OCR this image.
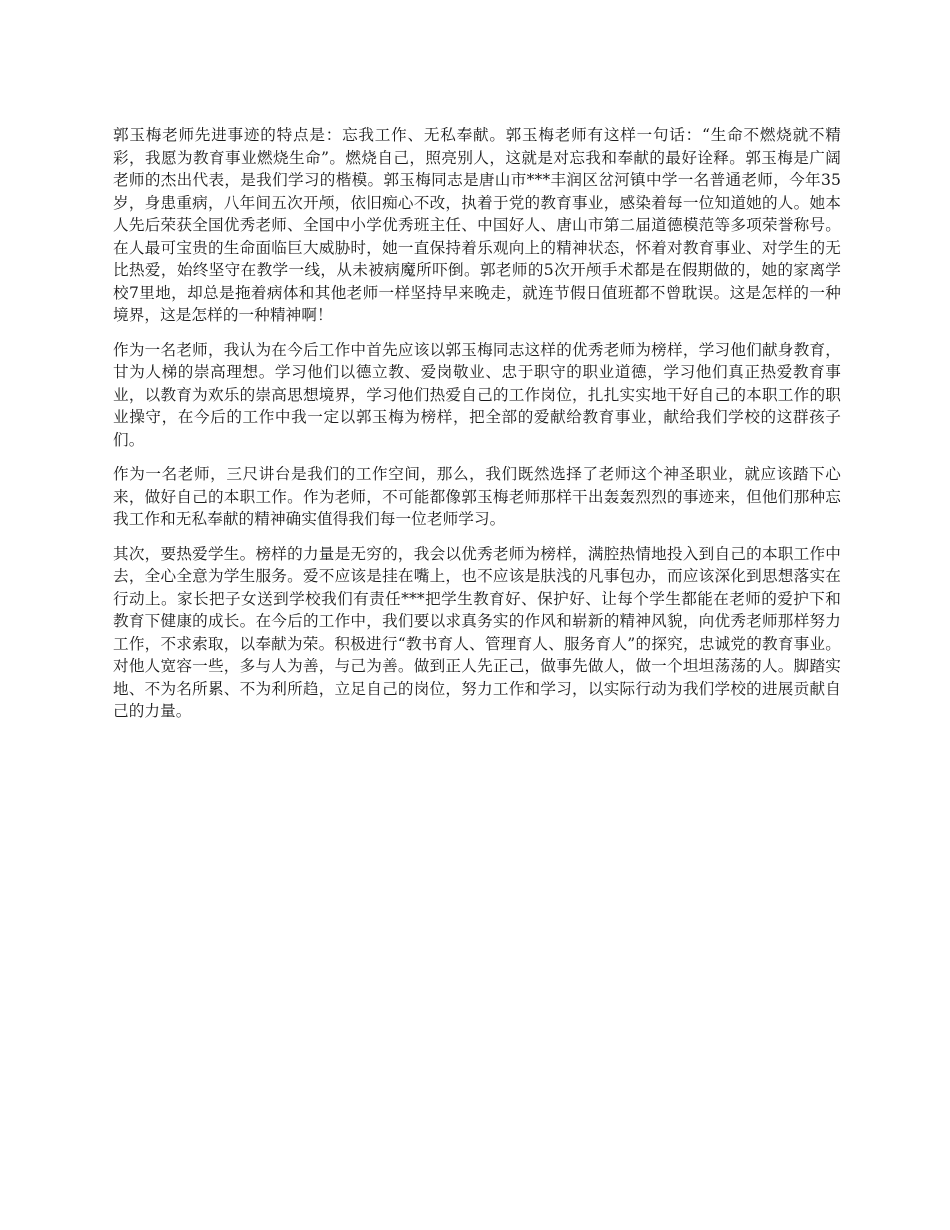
郭玉梅老师先进事迹的特点是：忘我工作、无私奉献。郭玉梅老师有这样一句话：“生命不燃烧就不精彩，我愿为教育事业燃烧生命”。燃烧自己，照亮别人，这就是对忘我和奉献的最好诠释。郭玉梅是广阔老师的杰出代表，是我们学习的楷模。郭玉梅同志是唐山市***丰润区岔河镇中学一名普通老师，今年35岁，身患重病，八年间五次开颅，依旧痴心不改，执着于党的教育事业，感染着每一位知道她的人。她本人先后荣获全国优秀老师、全国中小学优秀班主任、中国好人、唐山市第二届道德模范等多项荣誉称号。在人最可宝贵的生命面临巨大威胁时，她一直保持着乐观向上的精神状态，怀着对教育事业、对学生的无比热爱，始终坚守在教学一线，从未被病魔所吓倒。郭老师的5次开颅手术都是在假期做的，她的家离学校7里地，却总是拖着病体和其他老师一样坚持早来晚走，就连节假日值班都不曾耽误。这是怎样的一种境界，这是怎样的一种精神啊！

作为一名老师，我认为在今后工作中首先应该以郭玉梅同志这样的优秀老师为榜样，学习他们献身教育，甘为人梯的崇高理想。学习他们以德立教、爱岗敬业、忠于职守的职业道德，学习他们真正热爱教育事业，以教育为欢乐的崇高思想境界，学习他们热爱自己的工作岗位，扎扎实实地干好自己的本职工作的职业操守，在今后的工作中我一定以郭玉梅为榜样，把全部的爱献给教育事业，献给我们学校的这群孩子们。

作为一名老师，三尺讲台是我们的工作空间，那么，我们既然选择了老师这个神圣职业，就应该踏下心来，做好自己的本职工作。作为老师，不可能都像郭玉梅老师那样干出轰轰烈烈的事迹来，但他们那种忘我工作和无私奉献的精神确实值得我们每一位老师学习。

其次，要热爱学生。榜样的力量是无穷的，我会以优秀老师为榜样，满腔热情地投入到自己的本职工作中去，全心全意为学生服务。爱不应该是挂在嘴上，也不应该是肤浅的凡事包办，而应该深化到思想落实在行动上。家长把子女送到学校我们有责任***把学生教育好、保护好、让每个学生都能在老师的爱护下和教育下健康的成长。在今后的工作中，我们要以求真务实的作风和崭新的精神风貌，向优秀老师那样努力工作，不求索取，以奉献为荣。积极进行“教书育人、管理育人、服务育人”的探究，忠诚党的教育事业。对他人宽容一些，多与人为善，与己为善。做到正人先正己，做事先做人，做一个坦坦荡荡的人。脚踏实地、不为名所累、不为利所趋，立足自己的岗位，努力工作和学习，以实际行动为我们学校的进展贡献自己的力量。
